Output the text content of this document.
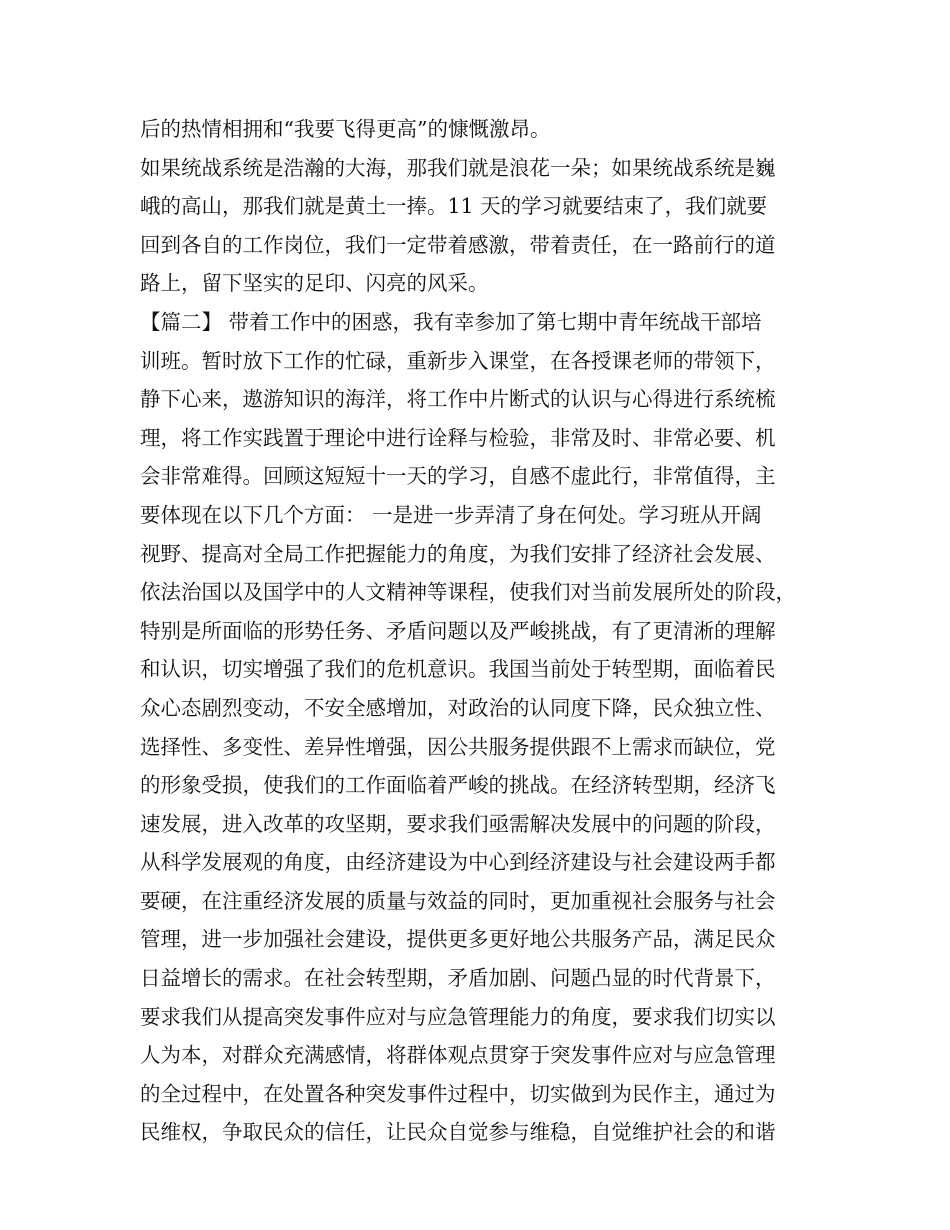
后的热情相拥和“我要飞得更高”的慷慨激昂。
如果统战系统是浩瀚的大海，那我们就是浪花一朵；如果统战系统是巍
峨的高山，那我们就是黄土一捧。11 天的学习就要结束了，我们就要
回到各自的工作岗位，我们一定带着感激，带着责任，在一路前行的道
路上，留下坚实的足印、闪亮的风采。
【篇二】 带着工作中的困惑，我有幸参加了第七期中青年统战干部培
训班。暂时放下工作的忙碌，重新步入课堂，在各授课老师的带领下，
静下心来，遨游知识的海洋，将工作中片断式的认识与心得进行系统梳
理，将工作实践置于理论中进行诠释与检验，非常及时、非常必要、机
会非常难得。回顾这短短十一天的学习，自感不虚此行，非常值得，主
要体现在以下几个方面： 一是进一步弄清了身在何处。学习班从开阔
视野、提高对全局工作把握能力的角度，为我们安排了经济社会发展、
依法治国以及国学中的人文精神等课程，使我们对当前发展所处的阶段，
特别是所面临的形势任务、矛盾问题以及严峻挑战，有了更清淅的理解
和认识，切实增强了我们的危机意识。我国当前处于转型期，面临着民
众心态剧烈变动，不安全感增加，对政治的认同度下降，民众独立性、
选择性、多变性、差异性增强，因公共服务提供跟不上需求而缺位，党
的形象受损，使我们的工作面临着严峻的挑战。在经济转型期，经济飞
速发展，进入改革的攻坚期，要求我们亟需解决发展中的问题的阶段，
从科学发展观的角度，由经济建设为中心到经济建设与社会建设两手都
要硬，在注重经济发展的质量与效益的同时，更加重视社会服务与社会
管理，进一步加强社会建设，提供更多更好地公共服务产品，满足民众
日益增长的需求。在社会转型期，矛盾加剧、问题凸显的时代背景下，
要求我们从提高突发事件应对与应急管理能力的角度，要求我们切实以
人为本，对群众充满感情，将群体观点贯穿于突发事件应对与应急管理
的全过程中，在处置各种突发事件过程中，切实做到为民作主，通过为
民维权，争取民众的信任，让民众自觉参与维稳，自觉维护社会的和谐
